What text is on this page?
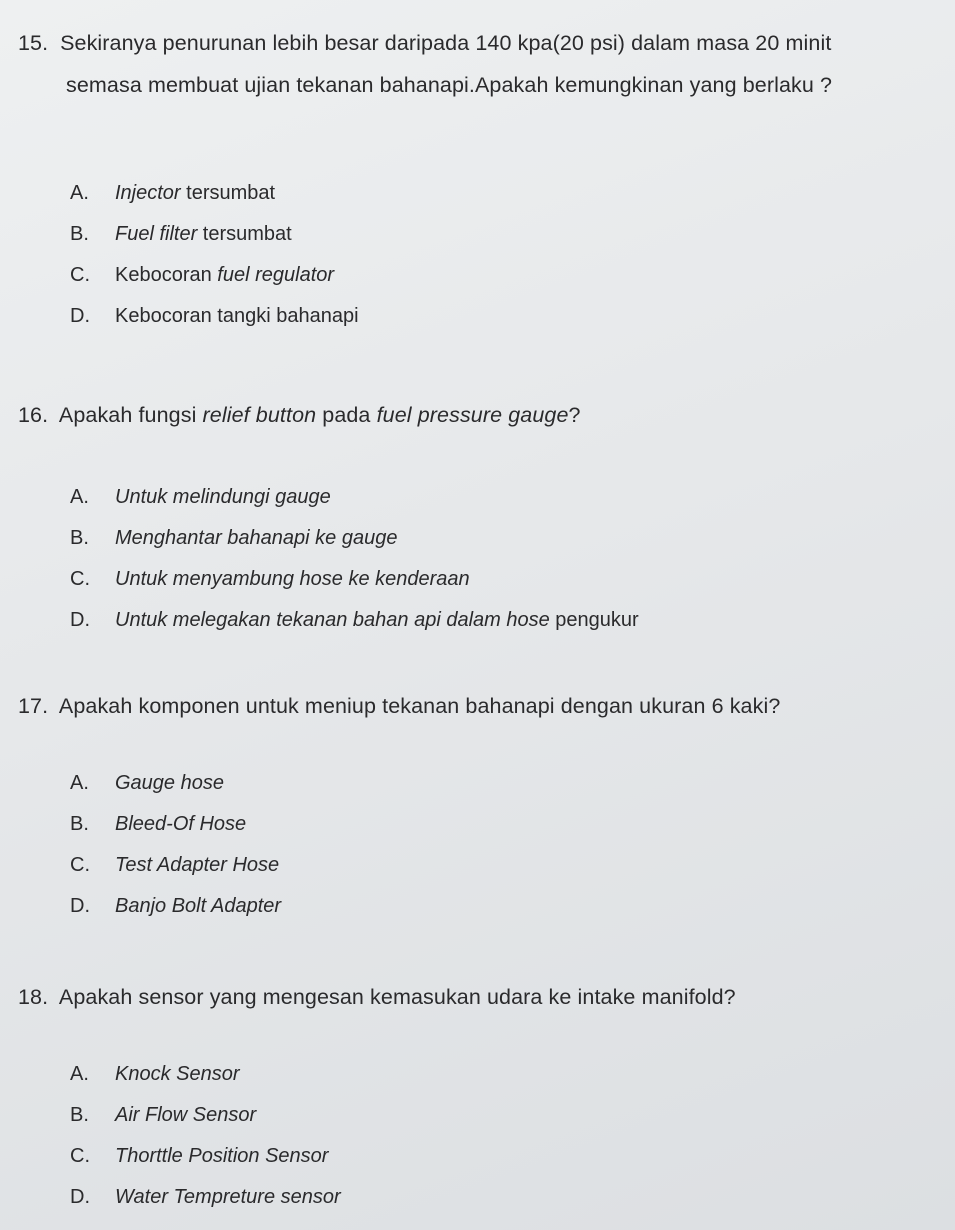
15. Sekiranya penurunan lebih besar daripada 140 kpa(20 psi) dalam masa 20 minit
semasa membuat ujian tekanan bahanapi.Apakah kemungkinan yang berlaku ?
A. Injector tersumbat
B. Fuel filter tersumbat
C. Kebocoran fuel regulator
D. Kebocoran tangki bahanapi
16. Apakah fungsi relief button pada fuel pressure gauge?
A. Untuk melindungi gauge
B. Menghantar bahanapi ke gauge
C. Untuk menyambung hose ke kenderaan
D. Untuk melegakan tekanan bahan api dalam hose pengukur
17. Apakah komponen untuk meniup tekanan bahanapi dengan ukuran 6 kaki?
A. Gauge hose
B. Bleed-Of Hose
C. Test Adapter Hose
D. Banjo Bolt Adapter
18. Apakah sensor yang mengesan kemasukan udara ke intake manifold?
A. Knock Sensor
B. Air Flow Sensor
C. Thorttle Position Sensor
D. Water Tempreture sensor
